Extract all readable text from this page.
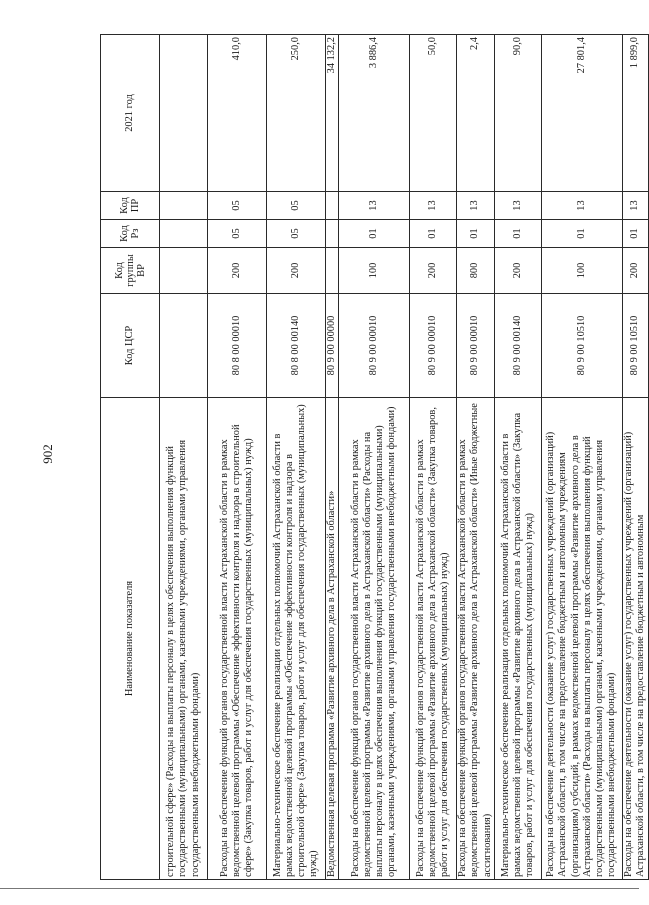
902
Наименование показателя	Код ЦСР	Код группы ВР	Код Рз	Код ПР	2021 год
строительной сфере» (Расходы на выплаты персоналу в целях обеспечения выполнения функций государственными (муниципальными) органами, казенными учреждениями, органами управления государственными внебюджетными фондами)					
Расходы на обеспечение функций органов государственной власти Астраханской области в рамках ведомственной целевой программы «Обеспечение эффективности контроля и надзора в строительной сфере» (Закупка товаров, работ и услуг для обеспечения государственных (муниципальных) нужд)	80 8 00 00010	200	05	05	410,0
Материально-техническое обеспечение реализации отдельных полномочий Астраханской области в рамках ведомственной целевой программы «Обеспечение эффективности контроля и надзора в строительной сфере» (Закупка товаров, работ и услуг для обеспечения государственных (муниципальных) нужд)	80 8 00 00140	200	05	05	250,0
Ведомственная целевая программа «Развитие архивного дела в Астраханской области»	80 9 00 00000				34 132,2
Расходы на обеспечение функций органов государственной власти Астраханской области в рамках ведомственной целевой программы «Развитие архивного дела в Астраханской области» (Расходы на выплаты персоналу в целях обеспечения выполнения функций государственными (муниципальными) органами, казенными учреждениями, органами управления государственными внебюджетными фондами)	80 9 00 00010	100	01	13	3 886,4
Расходы на обеспечение функций органов государственной власти Астраханской области в рамках ведомственной целевой программы «Развитие архивного дела в Астраханской области» (Закупка товаров, работ и услуг для обеспечения государственных (муниципальных) нужд)	80 9 00 00010	200	01	13	50,0
Расходы на обеспечение функций органов государственной власти Астраханской области в рамках ведомственной целевой программы «Развитие архивного дела в Астраханской области» (Иные бюджетные ассигнования)	80 9 00 00010	800	01	13	2,4
Материально-техническое обеспечение реализации отдельных полномочий Астраханской области в рамках ведомственной целевой программы «Развитие архивного дела в Астраханской области» (Закупка товаров, работ и услуг для обеспечения государственных (муниципальных) нужд)	80 9 00 00140	200	01	13	90,0
Расходы на обеспечение деятельности (оказание услуг) государственных учреждений (организаций) Астраханской области, в том числе на предоставление бюджетным и автономным учреждениям (организациям) субсидий, в рамках ведомственной целевой программы «Развитие архивного дела в Астраханской области» (Расходы на выплаты персоналу в целях обеспечения выполнения функций государственными (муниципальными) органами, казенными учреждениями, органами управления государственными внебюджетными фондами)	80 9 00 10510	100	01	13	27 801,4
Расходы на обеспечение деятельности (оказание услуг) государственных учреждений (организаций) Астраханской области, в том числе на предоставление бюджетным и автономным	80 9 00 10510	200	01	13	1 899,0
